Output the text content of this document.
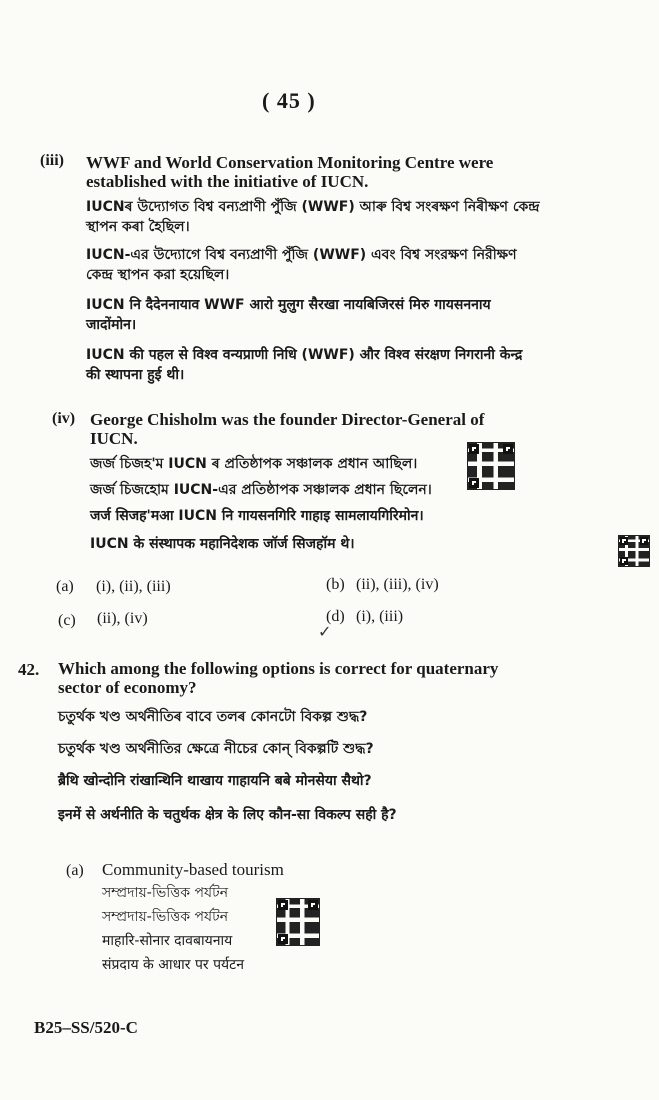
( 45 )
(iii) WWF and World Conservation Monitoring Centre were
established with the initiative of IUCN.
IUCNৰ উদ্যোগত বিশ্ব বন্যপ্ৰাণী পুঁজি (WWF) আৰু বিশ্ব সংৰক্ষণ নিৰীক্ষণ কেন্দ্ৰ
স্থাপন কৰা হৈছিল।
IUCN-এর উদ্যোগে বিশ্ব বন্যপ্রাণী পুঁজি (WWF) এবং বিশ্ব সংরক্ষণ নিরীক্ষণ
কেন্দ্র স্থাপন করা হয়েছিল।
IUCN नि दैदेननायाव WWF आरो मुलुग सैरखा नायबिजिरसं मिरु गायसननाय
जादोंमोन।
IUCN की पहल से विश्व वन्यप्राणी निधि (WWF) और विश्व संरक्षण निगरानी केन्द्र
की स्थापना हुई थी।
(iv) George Chisholm was the founder Director-General of
IUCN.
জৰ্জ চিজহ'ম IUCN ৰ প্ৰতিষ্ঠাপক সঞ্চালক প্ৰধান আছিল।
জর্জ চিজহোম IUCN-এর প্রতিষ্ঠাপক সঞ্চালক প্রধান ছিলেন।
जर्ज सिजह'मआ IUCN नि गायसनगिरि गाहाइ सामलायगिरिमोन।
IUCN के संस्थापक महानिदेशक जॉर्ज सिजहॉम थे।
(a) (i), (ii), (iii)	(b) (ii), (iii), (iv)
(c) (ii), (iv)	(d) (i), (iii)
✓
42. Which among the following options is correct for quaternary
sector of economy?
চতুৰ্থক খণ্ড অৰ্থনীতিৰ বাবে তলৰ কোনটো বিকল্প শুদ্ধ?
চতুর্থক খণ্ড অর্থনীতির ক্ষেত্রে নীচের কোন্ বিকল্পটি শুদ্ধ?
ब्रैथि खोन्दोनि रांखान्थिनि थाखाय गाहायनि बबे मोनसेया सैथो?
इनमें से अर्थनीति के चतुर्थक क्षेत्र के लिए कौन-सा विकल्प सही है?
(a) Community-based tourism
সম্প্ৰদায়-ভিত্তিক পৰ্যটন
সম্প্রদায়-ভিত্তিক পর্যটন
माहारि-सोनार दावबायनाय
संप्रदाय के आधार पर पर्यटन
B25–SS/520-C
